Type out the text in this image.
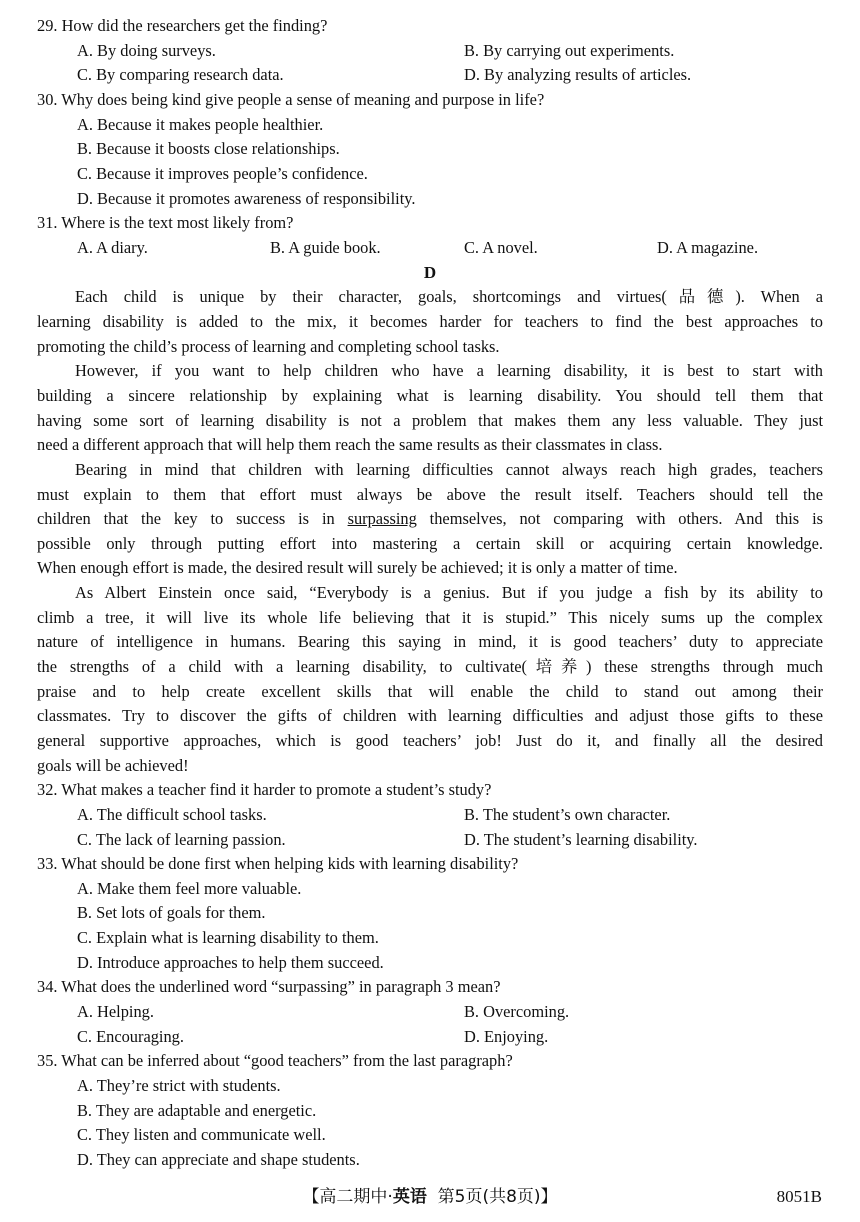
29. How did the researchers get the finding?
A. By doing surveys.	B. By carrying out experiments.
C. By comparing research data.	D. By analyzing results of articles.
30. Why does being kind give people a sense of meaning and purpose in life?
A. Because it makes people healthier.
B. Because it boosts close relationships.
C. Because it improves people’s confidence.
D. Because it promotes awareness of responsibility.
31. Where is the text most likely from?
A. A diary.	B. A guide book.	C. A novel.	D. A magazine.
D
Each child is unique by their character, goals, shortcomings and virtues(品德). When a
learning disability is added to the mix, it becomes harder for teachers to find the best approaches to
promoting the child’s process of learning and completing school tasks.
However, if you want to help children who have a learning disability, it is best to start with
building a sincere relationship by explaining what is learning disability. You should tell them that
having some sort of learning disability is not a problem that makes them any less valuable. They just
need a different approach that will help them reach the same results as their classmates in class.
Bearing in mind that children with learning difficulties cannot always reach high grades, teachers
must explain to them that effort must always be above the result itself. Teachers should tell the
children that the key to success is in surpassing themselves, not comparing with others. And this is
possible only through putting effort into mastering a certain skill or acquiring certain knowledge.
When enough effort is made, the desired result will surely be achieved; it is only a matter of time.
As Albert Einstein once said, “Everybody is a genius. But if you judge a fish by its ability to
climb a tree, it will live its whole life believing that it is stupid.” This nicely sums up the complex
nature of intelligence in humans. Bearing this saying in mind, it is good teachers’ duty to appreciate
the strengths of a child with a learning disability, to cultivate(培养) these strengths through much
praise and to help create excellent skills that will enable the child to stand out among their
classmates. Try to discover the gifts of children with learning difficulties and adjust those gifts to these
general supportive approaches, which is good teachers’ job! Just do it, and finally all the desired
goals will be achieved!
32. What makes a teacher find it harder to promote a student’s study?
A. The difficult school tasks.	B. The student’s own character.
C. The lack of learning passion.	D. The student’s learning disability.
33. What should be done first when helping kids with learning disability?
A. Make them feel more valuable.
B. Set lots of goals for them.
C. Explain what is learning disability to them.
D. Introduce approaches to help them succeed.
34. What does the underlined word “surpassing” in paragraph 3 mean?
A. Helping.	B. Overcoming.
C. Encouraging.	D. Enjoying.
35. What can be inferred about “good teachers” from the last paragraph?
A. They’re strict with students.
B. They are adaptable and energetic.
C. They listen and communicate well.
D. They can appreciate and shape students.
【高二期中·英语 第5页(共8页)】	8051B
